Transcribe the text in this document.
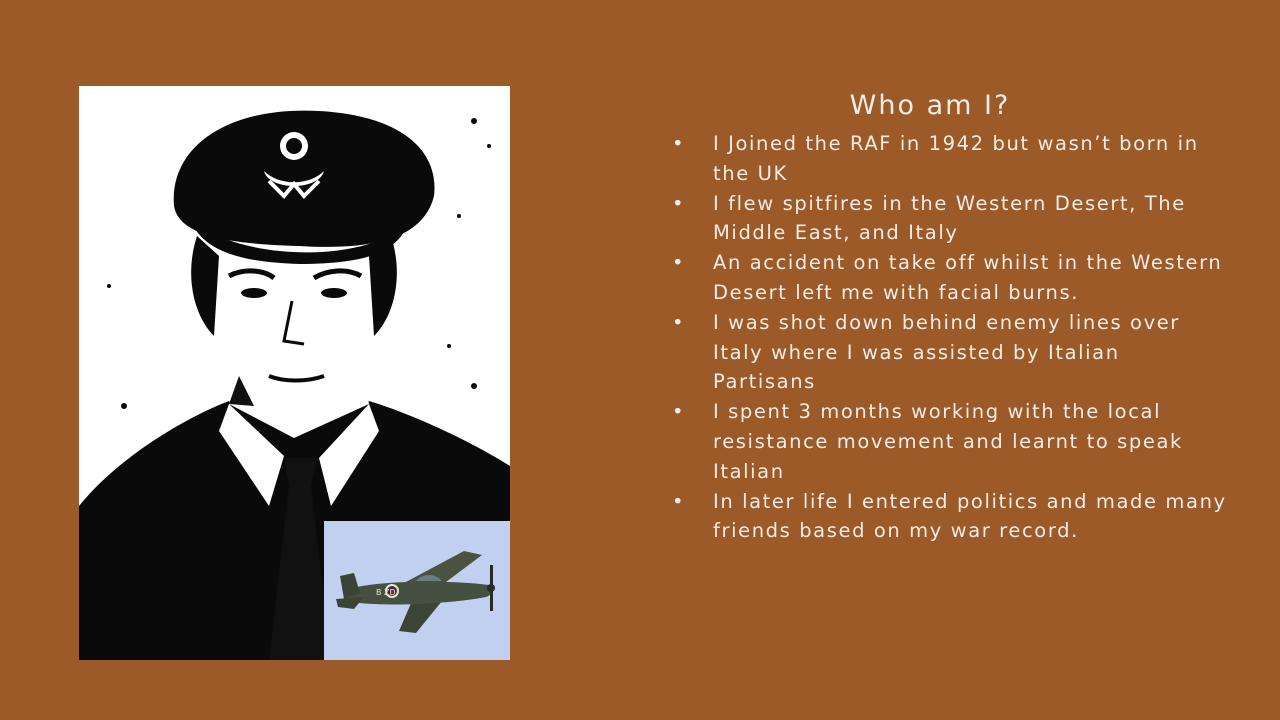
B ZD
Who am I?
• I Joined the RAF in 1942 but wasn’t born in the UK
• I flew spitfires in the Western Desert, The Middle East, and Italy
• An accident on take off whilst in the Western Desert left me with facial burns.
• I was shot down behind enemy lines over Italy where I was assisted by Italian Partisans
• I spent 3 months working with the local resistance movement and learnt to speak Italian
• In later life I entered politics and made many friends based on my war record.
